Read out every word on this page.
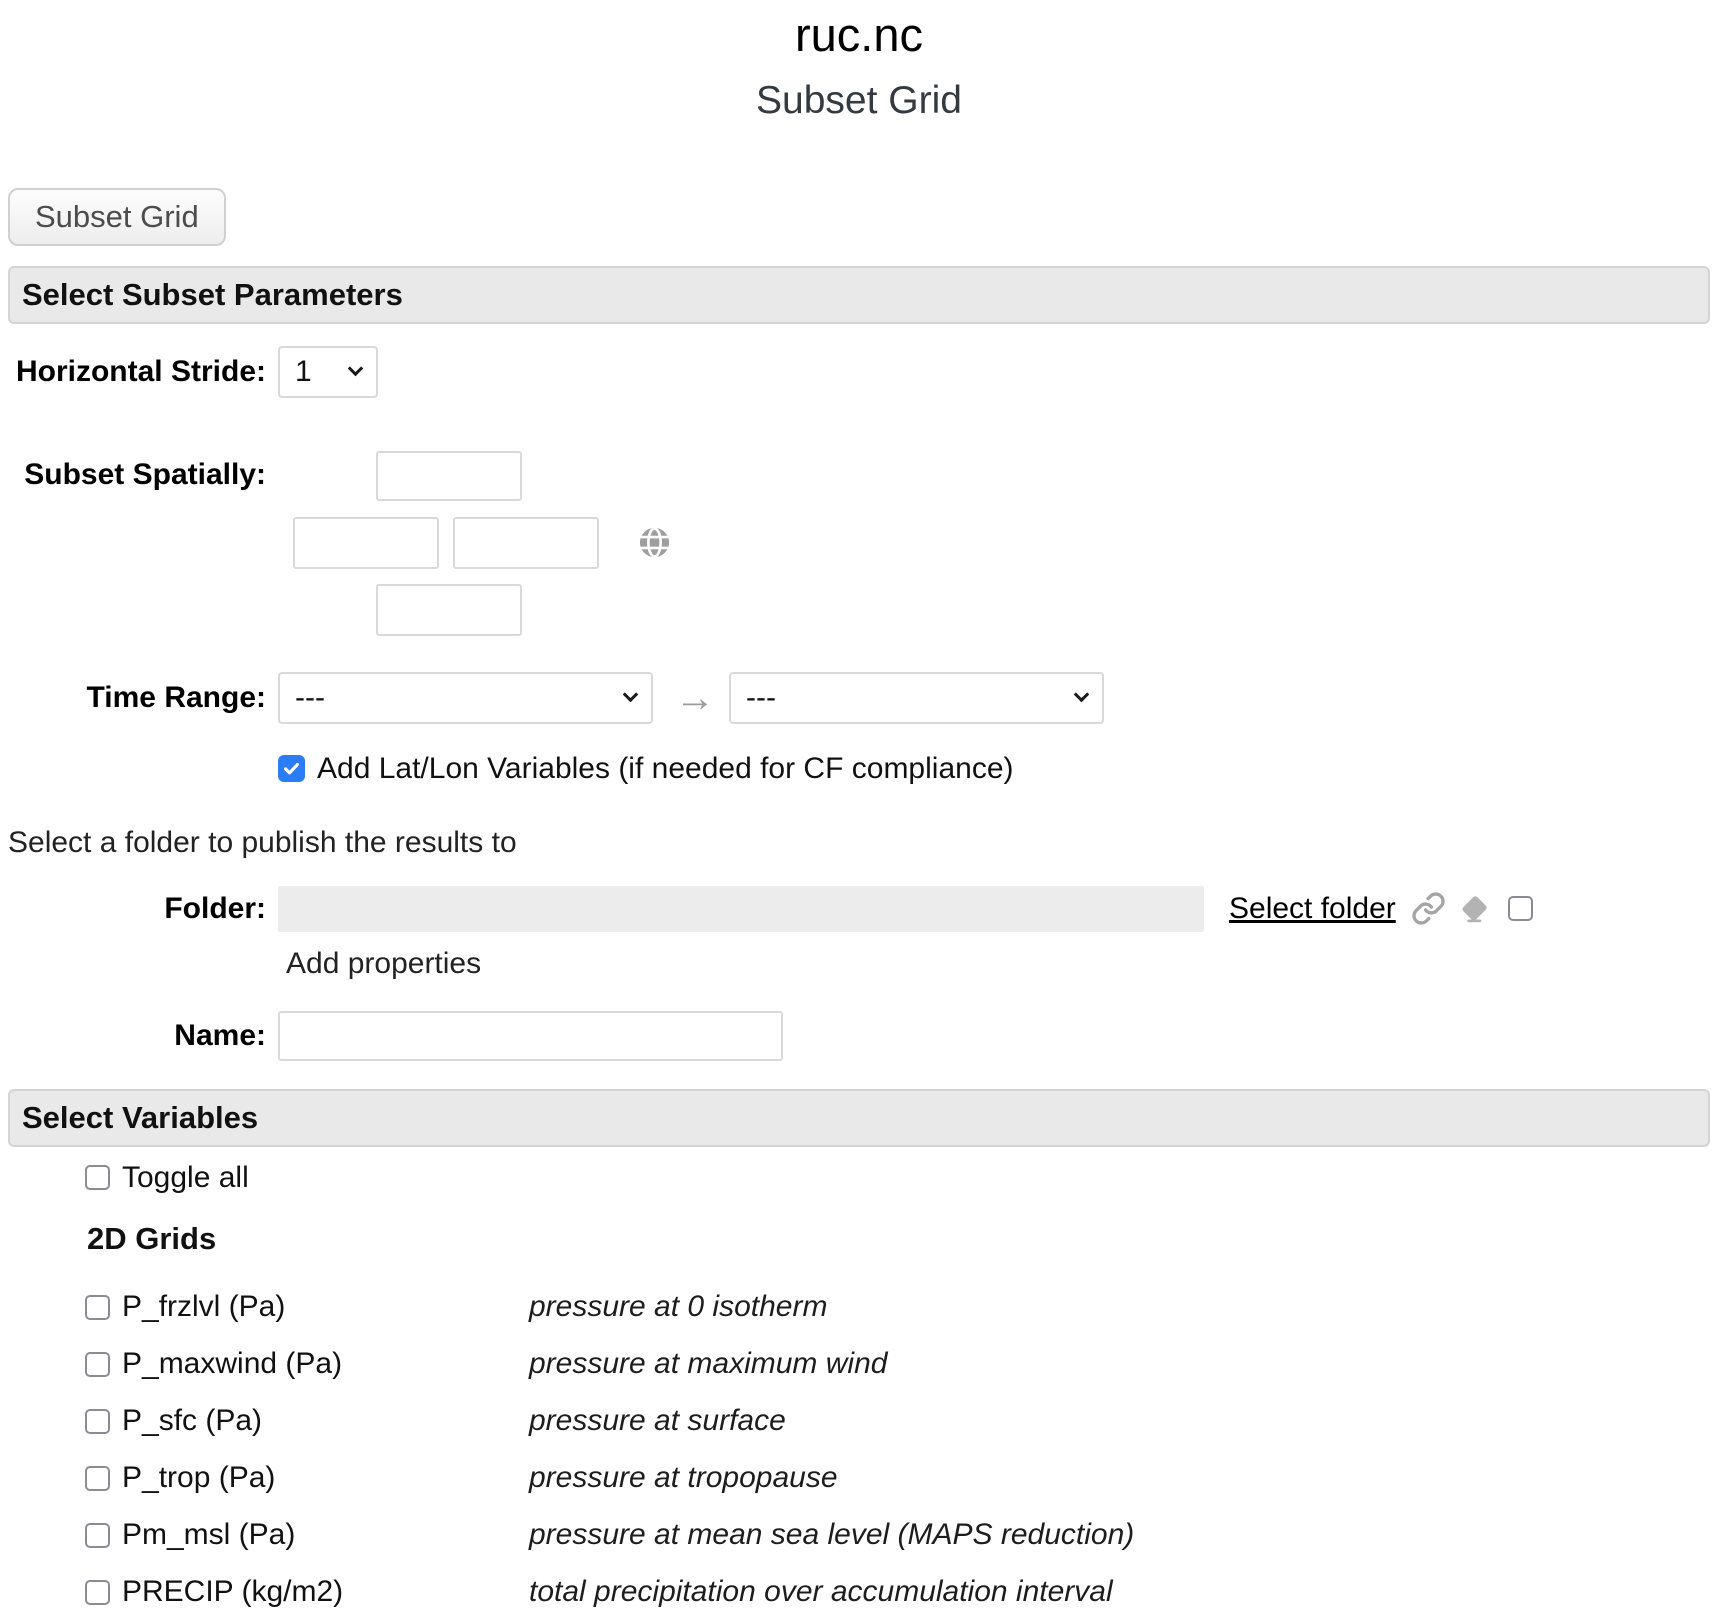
ruc.nc
Subset Grid
Subset Grid
Select Subset Parameters
Horizontal Stride: 1
Subset Spatially:
Time Range: ---	→ ---
Add Lat/Lon Variables (if needed for CF compliance)
Select a folder to publish the results to
Folder:	Select folder
Add properties
Name:
Select Variables
Toggle all
2D Grids
P_frzlvl (Pa)	pressure at 0 isotherm
P_maxwind (Pa)	pressure at maximum wind
P_sfc (Pa)	pressure at surface
P_trop (Pa)	pressure at tropopause
Pm_msl (Pa)	pressure at mean sea level (MAPS reduction)
PRECIP (kg/m2)	total precipitation over accumulation interval
